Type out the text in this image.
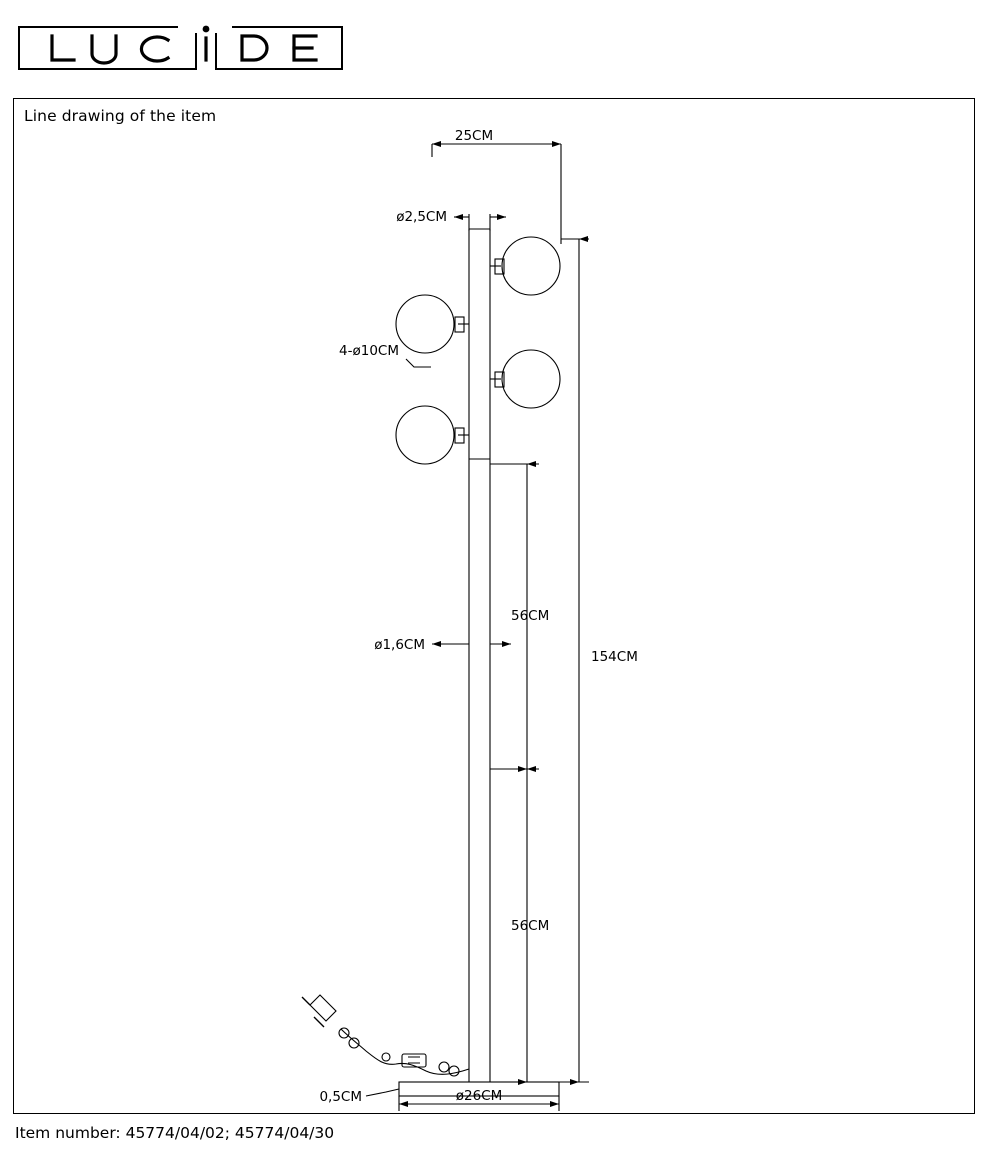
Line drawing of the item
25CM
ø2,5CM
4-ø10CM
ø1,6CM
56CM
56CM
154CM
0,5CM	ø26CM
Item number: 45774/04/02; 45774/04/30
